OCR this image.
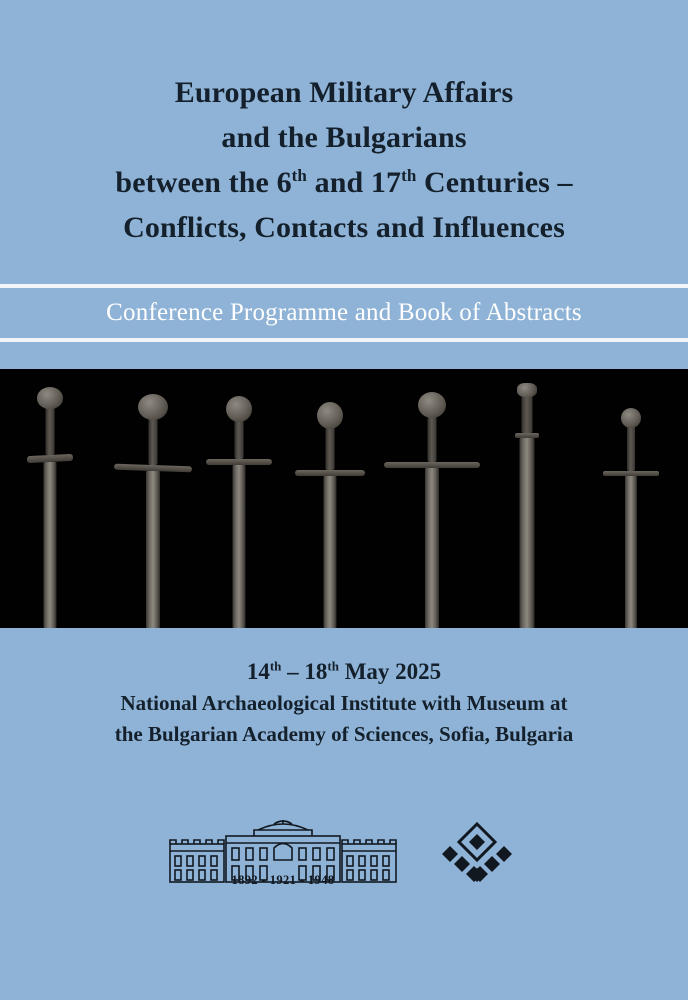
European Military Affairs
and the Bulgarians
between the 6th and 17th Centuries –
Conflicts, Contacts and Influences
Conference Programme and Book of Abstracts
14th – 18th May 2025
National Archaeological Institute with Museum at
the Bulgarian Academy of Sciences, Sofia, Bulgaria
1892 - 1921 - 1948
